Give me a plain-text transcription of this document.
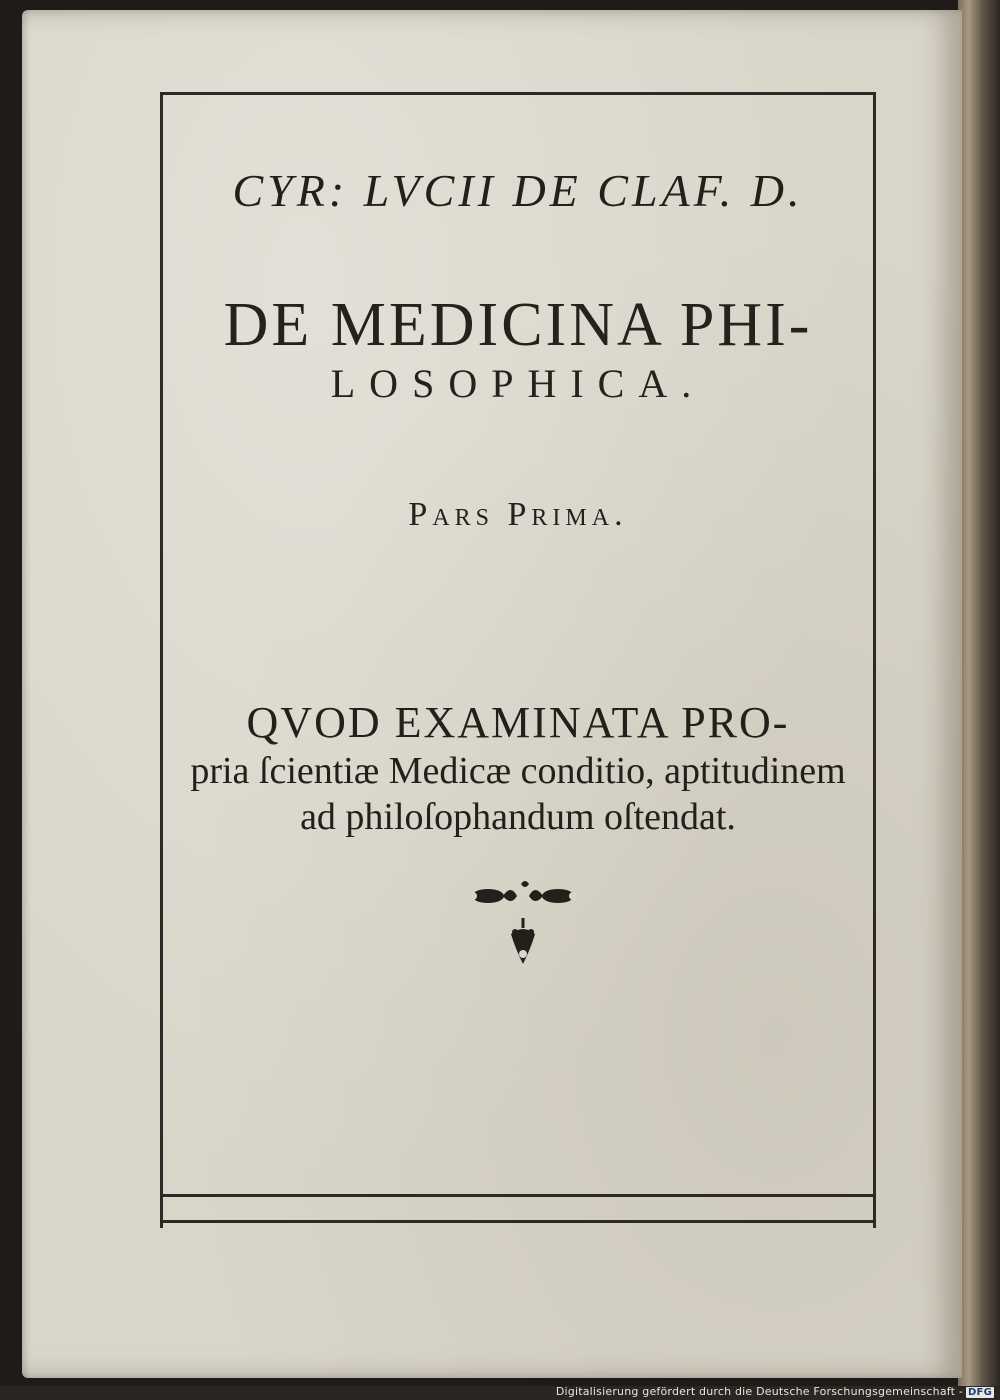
CYR: LVCII DE CLAF. D.
DE MEDICINA PHI-
LOSOPHICA.
Pars Prima.
QVOD EXAMINATA PRO-
pria ſcientiæ Medicæ conditio, aptitudinem ad philoſophandum oſtendat.
Digitalisierung gefördert durch die Deutsche Forschungsgemeinschaft - DFG
